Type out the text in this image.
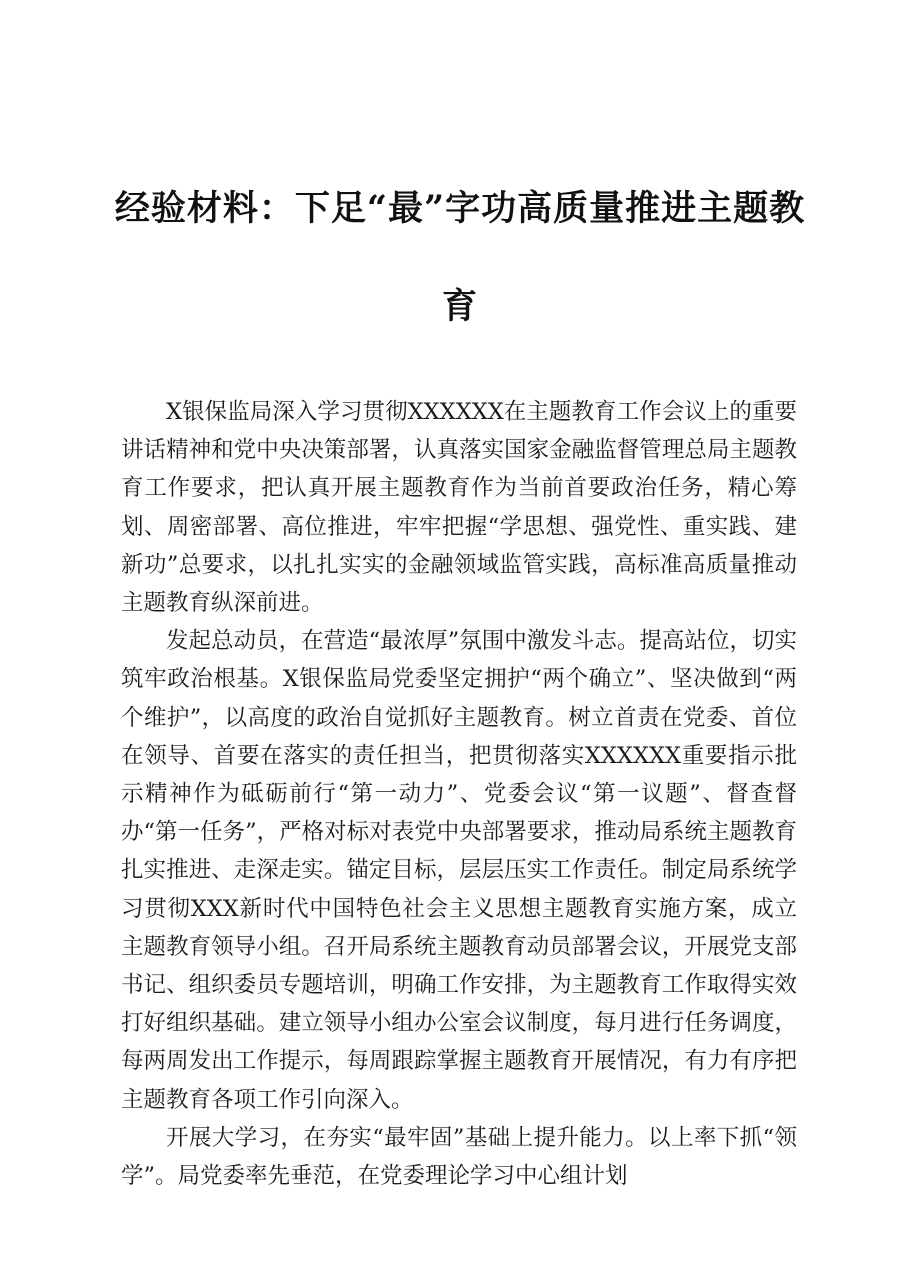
经验材料：下足“最”字功高质量推进主题教育

X银保监局深入学习贯彻XXXXXX在主题教育工作会议上的重要讲话精神和党中央决策部署，认真落实国家金融监督管理总局主题教育工作要求，把认真开展主题教育作为当前首要政治任务，精心筹划、周密部署、高位推进，牢牢把握“学思想、强党性、重实践、建新功”总要求，以扎扎实实的金融领域监管实践，高标准高质量推动主题教育纵深前进。

发起总动员，在营造“最浓厚”氛围中激发斗志。提高站位，切实筑牢政治根基。X银保监局党委坚定拥护“两个确立”、坚决做到“两个维护”，以高度的政治自觉抓好主题教育。树立首责在党委、首位在领导、首要在落实的责任担当，把贯彻落实XXXXXX重要指示批示精神作为砥砺前行“第一动力”、党委会议“第一议题”、督查督办“第一任务”，严格对标对表党中央部署要求，推动局系统主题教育扎实推进、走深走实。锚定目标，层层压实工作责任。制定局系统学习贯彻XXX新时代中国特色社会主义思想主题教育实施方案，成立主题教育领导小组。召开局系统主题教育动员部署会议，开展党支部书记、组织委员专题培训，明确工作安排，为主题教育工作取得实效打好组织基础。建立领导小组办公室会议制度，每月进行任务调度，每两周发出工作提示，每周跟踪掌握主题教育开展情况，有力有序把主题教育各项工作引向深入。

开展大学习，在夯实“最牢固”基础上提升能力。以上率下抓“领学”。局党委率先垂范，在党委理论学习中心组计划
